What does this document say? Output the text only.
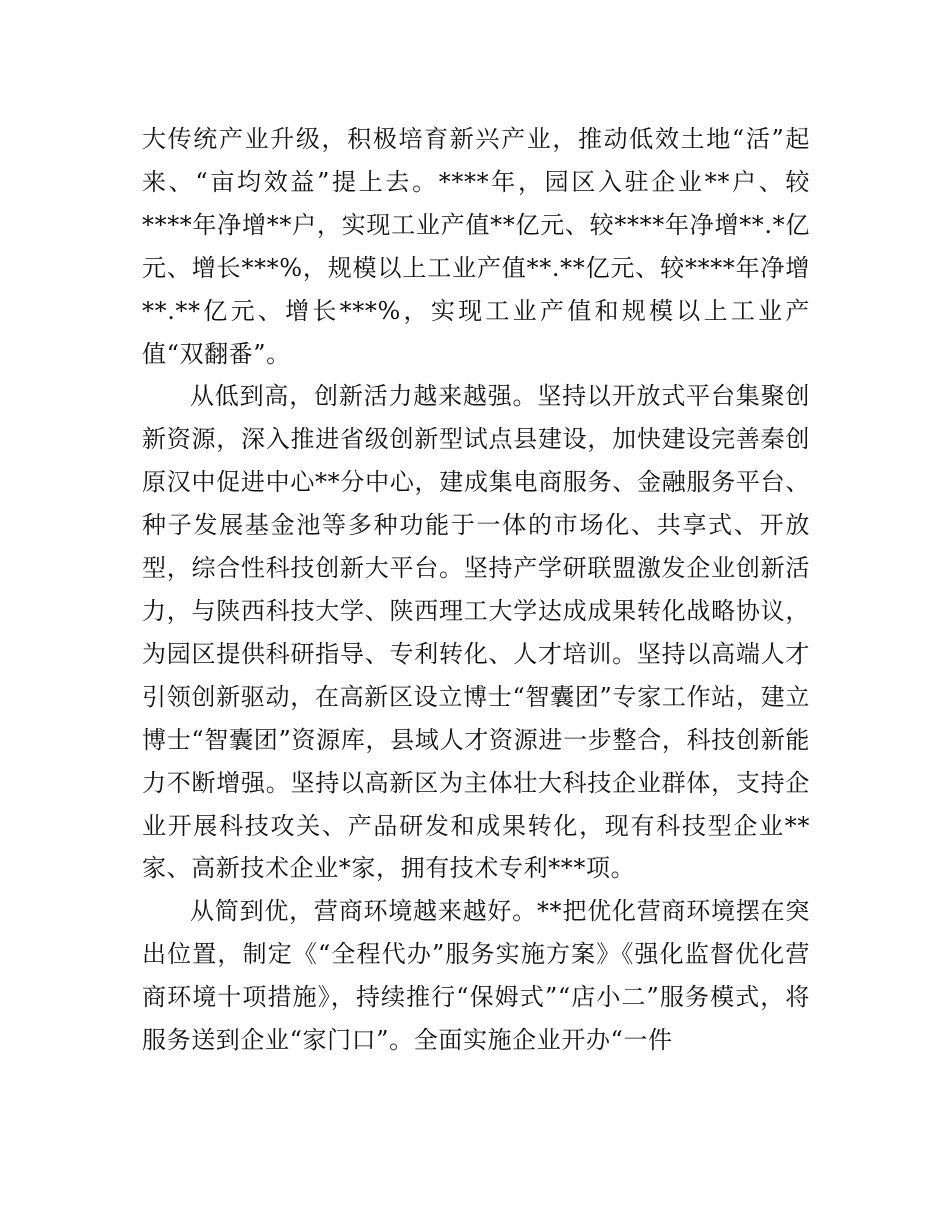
大传统产业升级，积极培育新兴产业，推动低效土地“活”起来、“亩均效益”提上去。****年，园区入驻企业**户、较****年净增**户，实现工业产值**亿元、较****年净增**.*亿元、增长***%，规模以上工业产值**.**亿元、较****年净增**.**亿元、增长***%，实现工业产值和规模以上工业产值“双翻番”。

从低到高，创新活力越来越强。坚持以开放式平台集聚创新资源，深入推进省级创新型试点县建设，加快建设完善秦创原汉中促进中心**分中心，建成集电商服务、金融服务平台、种子发展基金池等多种功能于一体的市场化、共享式、开放型，综合性科技创新大平台。坚持产学研联盟激发企业创新活力，与陕西科技大学、陕西理工大学达成成果转化战略协议，为园区提供科研指导、专利转化、人才培训。坚持以高端人才引领创新驱动，在高新区设立博士“智囊团”专家工作站，建立博士“智囊团”资源库，县域人才资源进一步整合，科技创新能力不断增强。坚持以高新区为主体壮大科技企业群体，支持企业开展科技攻关、产品研发和成果转化，现有科技型企业**家、高新技术企业*家，拥有技术专利***项。

从简到优，营商环境越来越好。**把优化营商环境摆在突出位置，制定《“全程代办”服务实施方案》《强化监督优化营商环境十项措施》，持续推行“保姆式”“店小二”服务模式，将服务送到企业“家门口”。全面实施企业开办“一件
